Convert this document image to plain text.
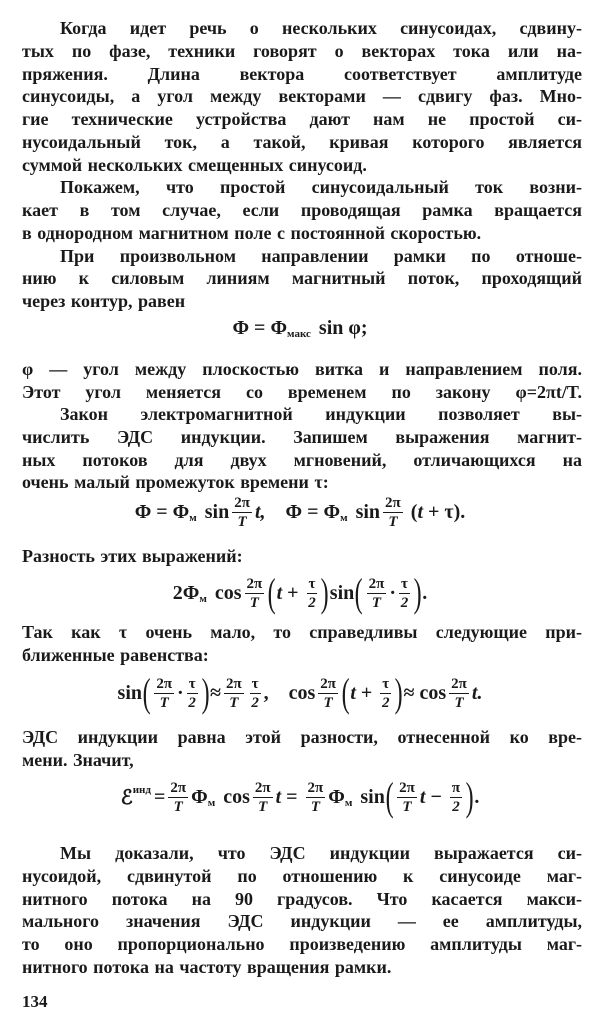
Когда идет речь о нескольких синусоидах, сдвину-
тых по фазе, техники говорят о векторах тока или на-
пряжения. Длина вектора соответствует амплитуде
синусоиды, а угол между векторами — сдвигу фаз. Мно-
гие технические устройства дают нам не простой си-
нусоидальный ток, а такой, кривая которого является
суммой нескольких смещенных синусоид.
Покажем, что простой синусоидальный ток возни-
кает в том случае, если проводящая рамка вращается
в однородном магнитном поле с постоянной скоростью.
При произвольном направлении рамки по отноше-
нию к силовым линиям магнитный поток, проходящий
через контур, равен
Φ = Φ макс sin φ;
φ — угол между плоскостью витка и направлением поля.
Этот угол меняется со временем по закону φ=2πt/T.
Закон электромагнитной индукции позволяет вы-
числить ЭДС индукции. Запишем выражения магнит-
ных потоков для двух мгновений, отличающихся на
очень малый промежуток времени τ:
Φ = Φ м $\sin \frac{2\pi}{T} t$, Φ = Φ м $\sin \frac{2\pi}{T}$ ( t + τ).
Разность этих выражений:
2Φ м $\cos \frac{2\pi}{T}$ ( $t + \frac{\tau}{2}$ ) sin ( $\frac{2\pi}{T} \cdot \frac{\tau}{2}$ ) .
Так как τ очень мало, то справедливы следующие при-
ближенные равенства:
sin ( $\frac{2\pi}{T} \cdot \frac{\tau}{2}$ ) ≈ $\frac{2\pi}{T} \frac{\tau}{2}$ ,    $\cos \frac{2\pi}{T}$ ( $t + \frac{\tau}{2}$ ) ≈ $\cos \frac{2\pi}{T} t$.
ЭДС индукции равна этой разности, отнесенной ко вре-
мени. Значит,
ℰ инд = $\frac{2\pi}{T}$ Φ м $\cos \frac{2\pi}{T}$ $t = \frac{2\pi}{T}$ Φ м sin ( $\frac{2\pi}{T}$ $t - \frac{\pi}{2}$ ) .
Мы доказали, что ЭДС индукции выражается си-
нусоидой, сдвинутой по отношению к синусоиде маг-
нитного потока на 90 градусов. Что касается макси-
мального значения ЭДС индукции — ее амплитуды,
то оно пропорционально произведению амплитуды маг-
нитного потока на частоту вращения рамки.
134
